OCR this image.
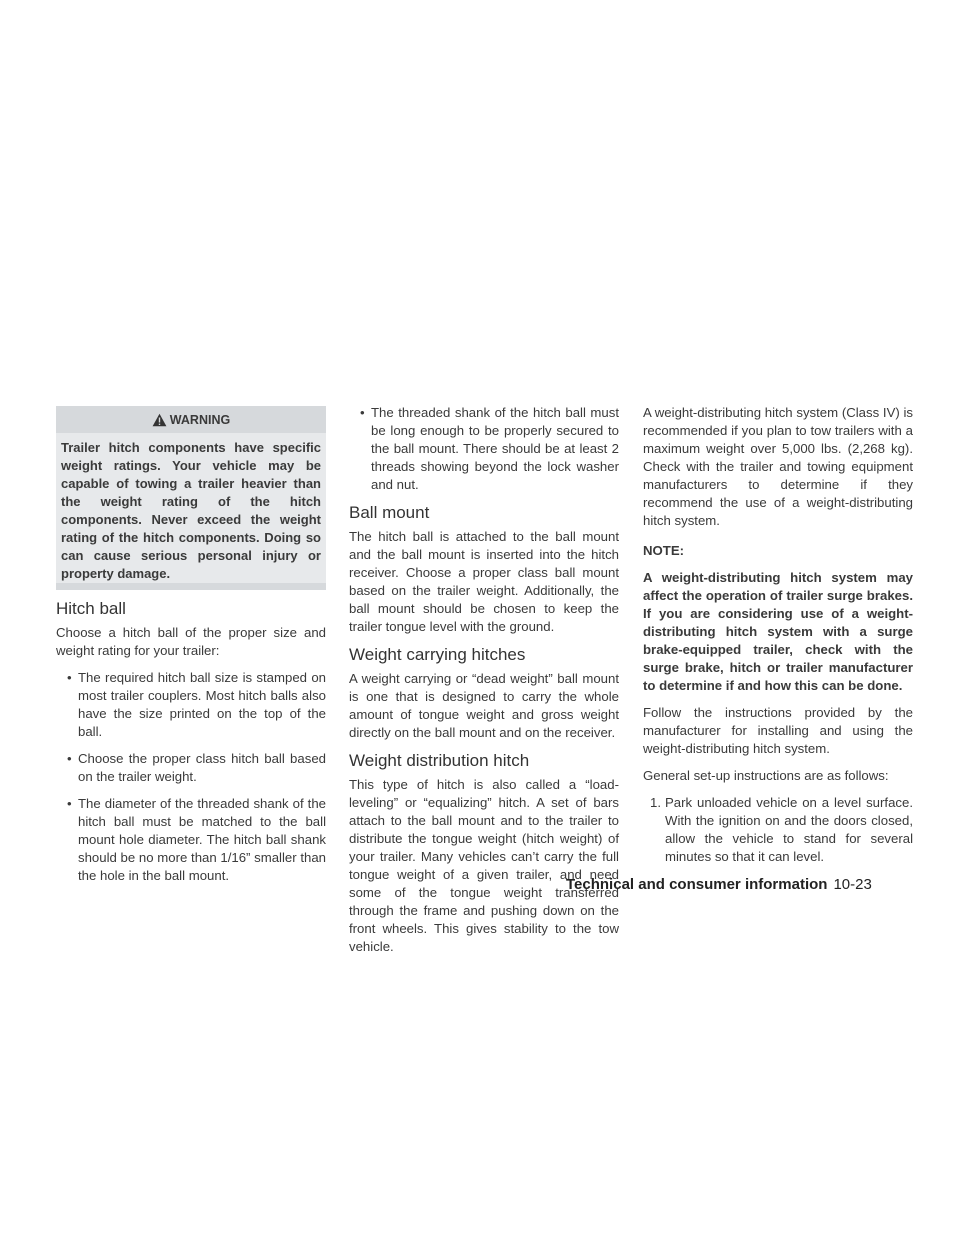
WARNING

Trailer hitch components have specific weight ratings. Your vehicle may be capable of towing a trailer heavier than the weight rating of the hitch components. Never exceed the weight rating of the hitch components. Doing so can cause serious personal injury or property damage.

Hitch ball

Choose a hitch ball of the proper size and weight rating for your trailer:

• The required hitch ball size is stamped on most trailer couplers. Most hitch balls also have the size printed on the top of the ball.
• Choose the proper class hitch ball based on the trailer weight.
• The diameter of the threaded shank of the hitch ball must be matched to the ball mount hole diameter. The hitch ball shank should be no more than 1/16” smaller than the hole in the ball mount.
• The threaded shank of the hitch ball must be long enough to be properly secured to the ball mount. There should be at least 2 threads showing beyond the lock washer and nut.
Ball mount

The hitch ball is attached to the ball mount and the ball mount is inserted into the hitch receiver. Choose a proper class ball mount based on the trailer weight. Additionally, the ball mount should be chosen to keep the trailer tongue level with the ground.

Weight carrying hitches

A weight carrying or “dead weight” ball mount is one that is designed to carry the whole amount of tongue weight and gross weight directly on the ball mount and on the receiver.

Weight distribution hitch

This type of hitch is also called a “load-leveling” or “equalizing” hitch. A set of bars attach to the ball mount and to the trailer to distribute the tongue weight (hitch weight) of your trailer. Many vehicles can’t carry the full tongue weight of a given trailer, and need some of the tongue weight transferred through the frame and pushing down on the front wheels. This gives stability to the tow vehicle.

A weight-distributing hitch system (Class IV) is recommended if you plan to tow trailers with a maximum weight over 5,000 lbs. (2,268 kg). Check with the trailer and towing equipment manufacturers to determine if they recommend the use of a weight-distributing hitch system.

NOTE:

A weight-distributing hitch system may affect the operation of trailer surge brakes. If you are considering use of a weight-distributing hitch system with a surge brake-equipped trailer, check with the surge brake, hitch or trailer manufacturer to determine if and how this can be done.

Follow the instructions provided by the manufacturer for installing and using the weight-distributing hitch system.

General set-up instructions are as follows:

1. Park unloaded vehicle on a level surface. With the ignition on and the doors closed, allow the vehicle to stand for several minutes so that it can level.
Technical and consumer information 10-23
